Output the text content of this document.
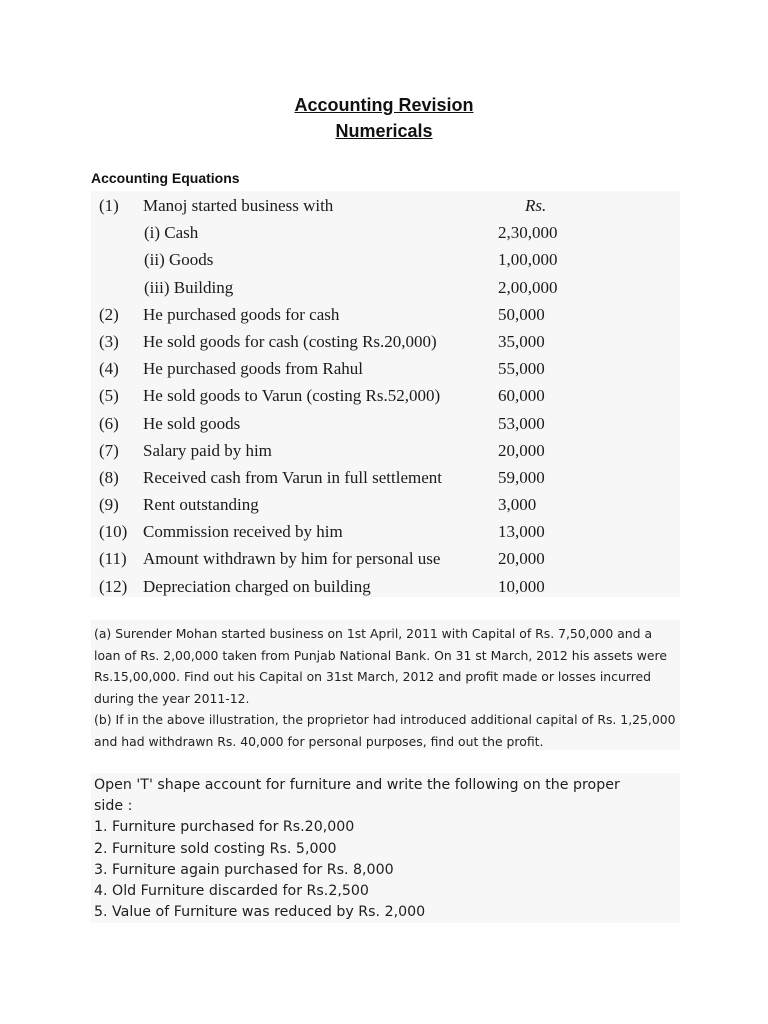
Accounting Revision
Numericals
Accounting Equations
(1) Manoj started business with	Rs.
(i) Cash	2,30,000
(ii) Goods	1,00,000
(iii) Building	2,00,000
(2) He purchased goods for cash	50,000
(3) He sold goods for cash (costing Rs.20,000)	35,000
(4) He purchased goods from Rahul	55,000
(5) He sold goods to Varun (costing Rs.52,000)	60,000
(6) He sold goods	53,000
(7) Salary paid by him	20,000
(8) Received cash from Varun in full settlement	59,000
(9) Rent outstanding	3,000
(10) Commission received by him	13,000
(11) Amount withdrawn by him for personal use	20,000
(12) Depreciation charged on building	10,000

(a) Surender Mohan started business on 1st April, 2011 with Capital of Rs. 7,50,000 and a loan of Rs. 2,00,000 taken from Punjab National Bank. On 31 st March, 2012 his assets were Rs.15,00,000. Find out his Capital on 31st March, 2012 and profit made or losses incurred during the year 2011-12.

(b) If in the above illustration, the proprietor had introduced additional capital of Rs. 1,25,000 and had withdrawn Rs. 40,000 for personal purposes, find out the profit.

Open 'T' shape account for furniture and write the following on the proper
side :
1. Furniture purchased for Rs.20,000
2. Furniture sold costing Rs. 5,000
3. Furniture again purchased for Rs. 8,000
4. Old Furniture discarded for Rs.2,500
5. Value of Furniture was reduced by Rs. 2,000
